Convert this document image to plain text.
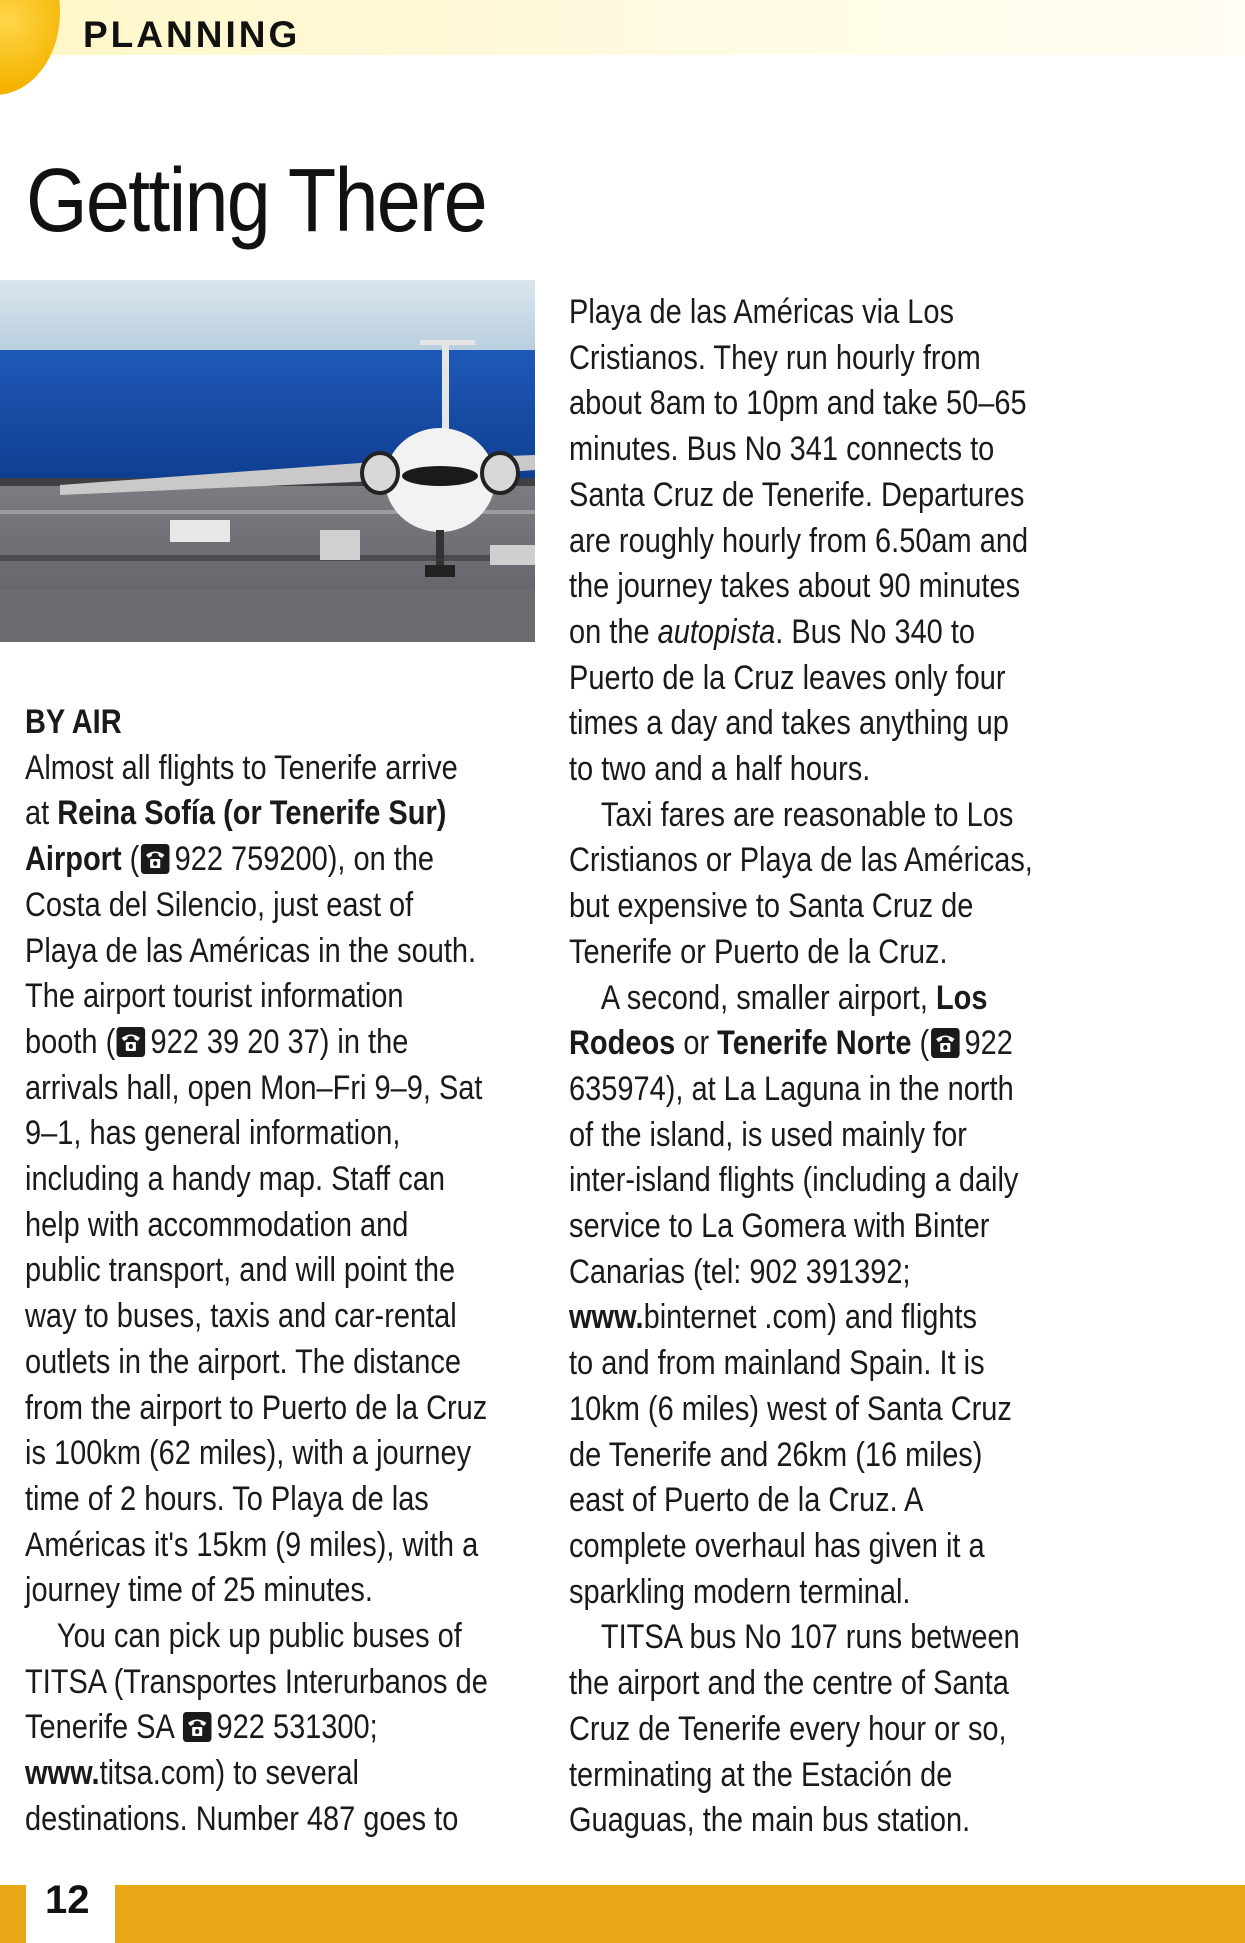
PLANNING
Getting There

BY AIR

Almost all flights to Tenerife arrive

at Reina Sofía (or Tenerife Sur)

Airport ( 922 759200), on the

Costa del Silencio, just east of

Playa de las Américas in the south.

The airport tourist information

booth ( 922 39 20 37) in the

arrivals hall, open Mon–Fri 9–9, Sat

9–1, has general information,

including a handy map. Staff can

help with accommodation and

public transport, and will point the

way to buses, taxis and car-rental

outlets in the airport. The distance

from the airport to Puerto de la Cruz

is 100km (62 miles), with a journey

time of 2 hours. To Playa de las

Américas it's 15km (9 miles), with a

journey time of 25 minutes.

You can pick up public buses of

TITSA (Transportes Interurbanos de

Tenerife SA
922 531300;

www.titsa.com) to several

destinations. Number 487 goes to

Playa de las Américas via Los

Cristianos. They run hourly from

about 8am to 10pm and take 50–65

minutes. Bus No 341 connects to

Santa Cruz de Tenerife. Departures

are roughly hourly from 6.50am and

the journey takes about 90 minutes

on the autopista. Bus No 340 to

Puerto de la Cruz leaves only four

times a day and takes anything up

to two and a half hours.

Taxi fares are reasonable to Los

Cristianos or Playa de las Américas,

but expensive to Santa Cruz de

Tenerife or Puerto de la Cruz.

A second, smaller airport, Los

Rodeos or Tenerife Norte ( 922

635974), at La Laguna in the north

of the island, is used mainly for

inter-island flights (including a daily

service to La Gomera with Binter

Canarias (tel: 902 391392;

www.binternet .com) and flights

to and from mainland Spain. It is

10km (6 miles) west of Santa Cruz

de Tenerife and 26km (16 miles)

east of Puerto de la Cruz. A

complete overhaul has given it a

sparkling modern terminal.

TITSA bus No 107 runs between

the airport and the centre of Santa

Cruz de Tenerife every hour or so,

terminating at the Estación de

Guaguas, the main bus station.

12
